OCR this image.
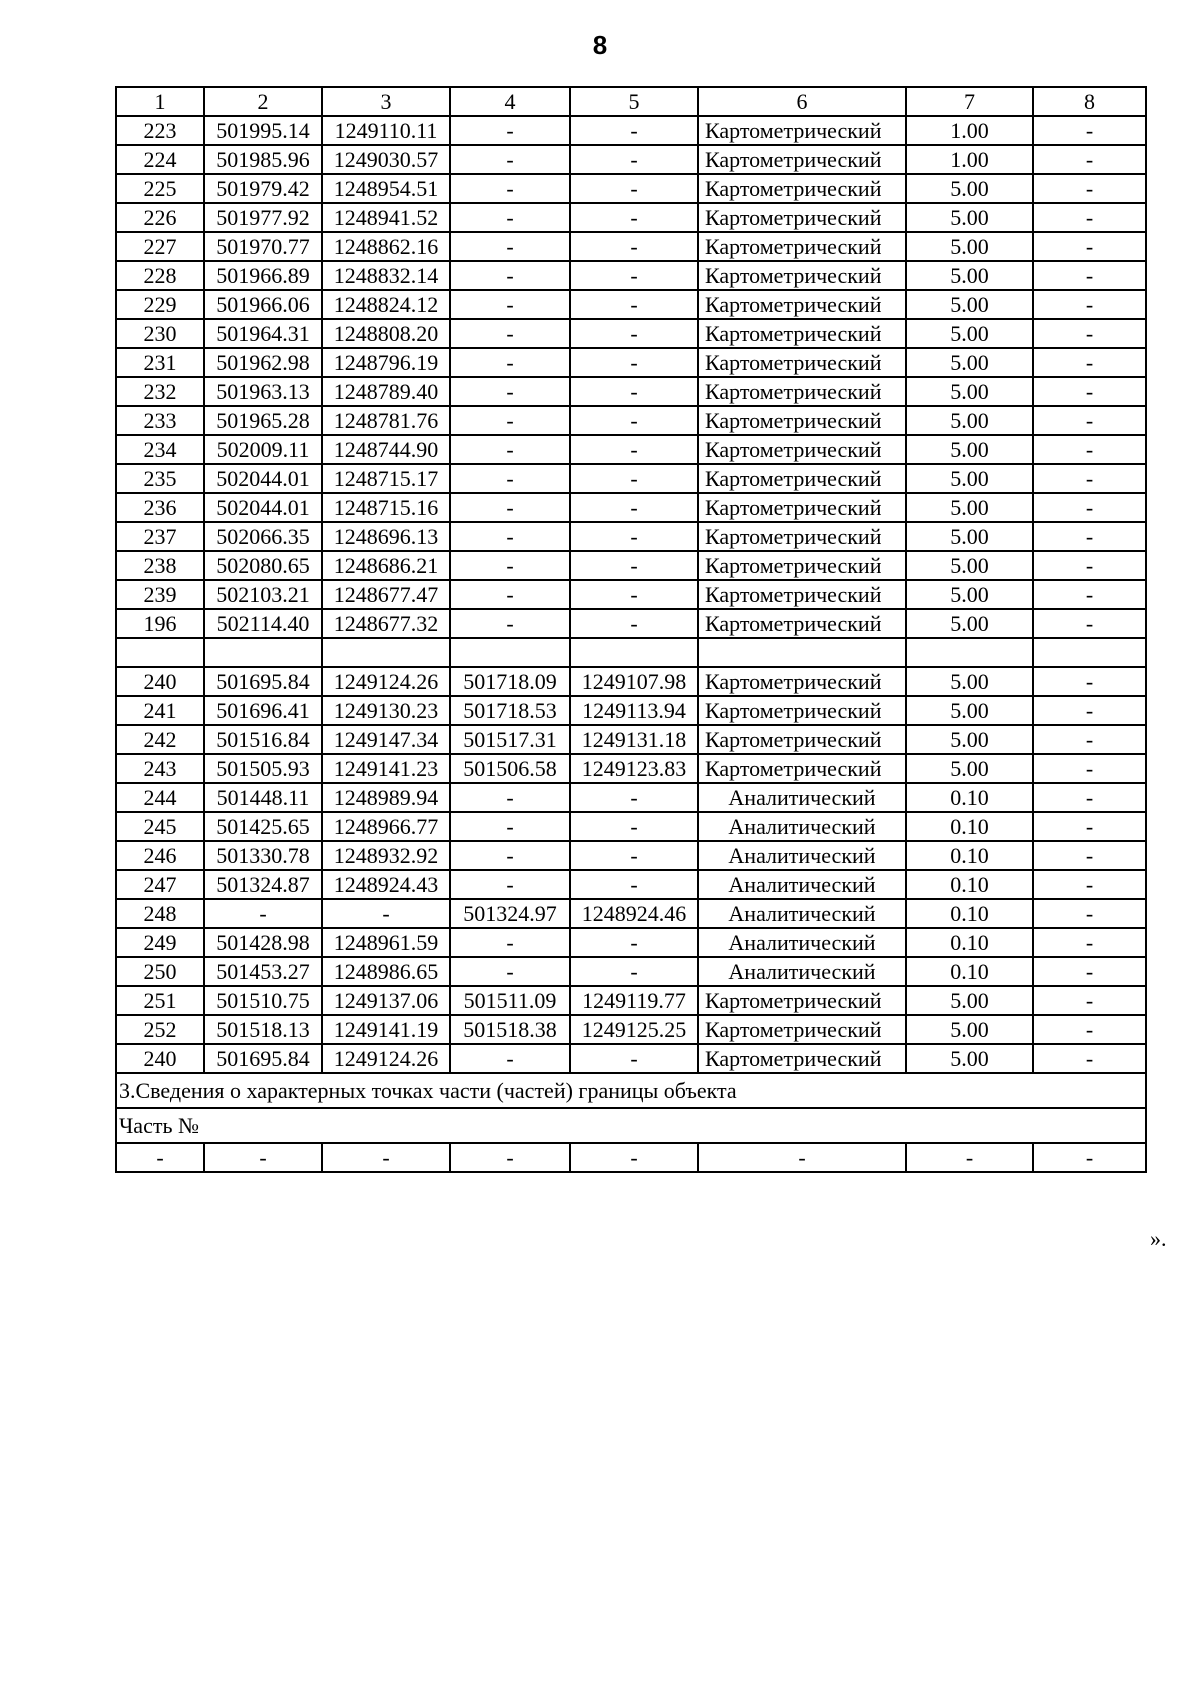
8
1	2	3	4	5	6	7	8
223	501995.14	1249110.11	-	-	Картометрический	1.00	-
224	501985.96	1249030.57	-	-	Картометрический	1.00	-
225	501979.42	1248954.51	-	-	Картометрический	5.00	-
226	501977.92	1248941.52	-	-	Картометрический	5.00	-
227	501970.77	1248862.16	-	-	Картометрический	5.00	-
228	501966.89	1248832.14	-	-	Картометрический	5.00	-
229	501966.06	1248824.12	-	-	Картометрический	5.00	-
230	501964.31	1248808.20	-	-	Картометрический	5.00	-
231	501962.98	1248796.19	-	-	Картометрический	5.00	-
232	501963.13	1248789.40	-	-	Картометрический	5.00	-
233	501965.28	1248781.76	-	-	Картометрический	5.00	-
234	502009.11	1248744.90	-	-	Картометрический	5.00	-
235	502044.01	1248715.17	-	-	Картометрический	5.00	-
236	502044.01	1248715.16	-	-	Картометрический	5.00	-
237	502066.35	1248696.13	-	-	Картометрический	5.00	-
238	502080.65	1248686.21	-	-	Картометрический	5.00	-
239	502103.21	1248677.47	-	-	Картометрический	5.00	-
196	502114.40	1248677.32	-	-	Картометрический	5.00	-

240	501695.84	1249124.26	501718.09	1249107.98	Картометрический	5.00	-
241	501696.41	1249130.23	501718.53	1249113.94	Картометрический	5.00	-
242	501516.84	1249147.34	501517.31	1249131.18	Картометрический	5.00	-
243	501505.93	1249141.23	501506.58	1249123.83	Картометрический	5.00	-
244	501448.11	1248989.94	-	-	Аналитический	0.10	-
245	501425.65	1248966.77	-	-	Аналитический	0.10	-
246	501330.78	1248932.92	-	-	Аналитический	0.10	-
247	501324.87	1248924.43	-	-	Аналитический	0.10	-
248	-	-	501324.97	1248924.46	Аналитический	0.10	-
249	501428.98	1248961.59	-	-	Аналитический	0.10	-
250	501453.27	1248986.65	-	-	Аналитический	0.10	-
251	501510.75	1249137.06	501511.09	1249119.77	Картометрический	5.00	-
252	501518.13	1249141.19	501518.38	1249125.25	Картометрический	5.00	-
240	501695.84	1249124.26	-	-	Картометрический	5.00	-
3.Сведения о характерных точках части (частей) границы объекта							
Часть №							
-	-	-	-	-	-	-	-
».
